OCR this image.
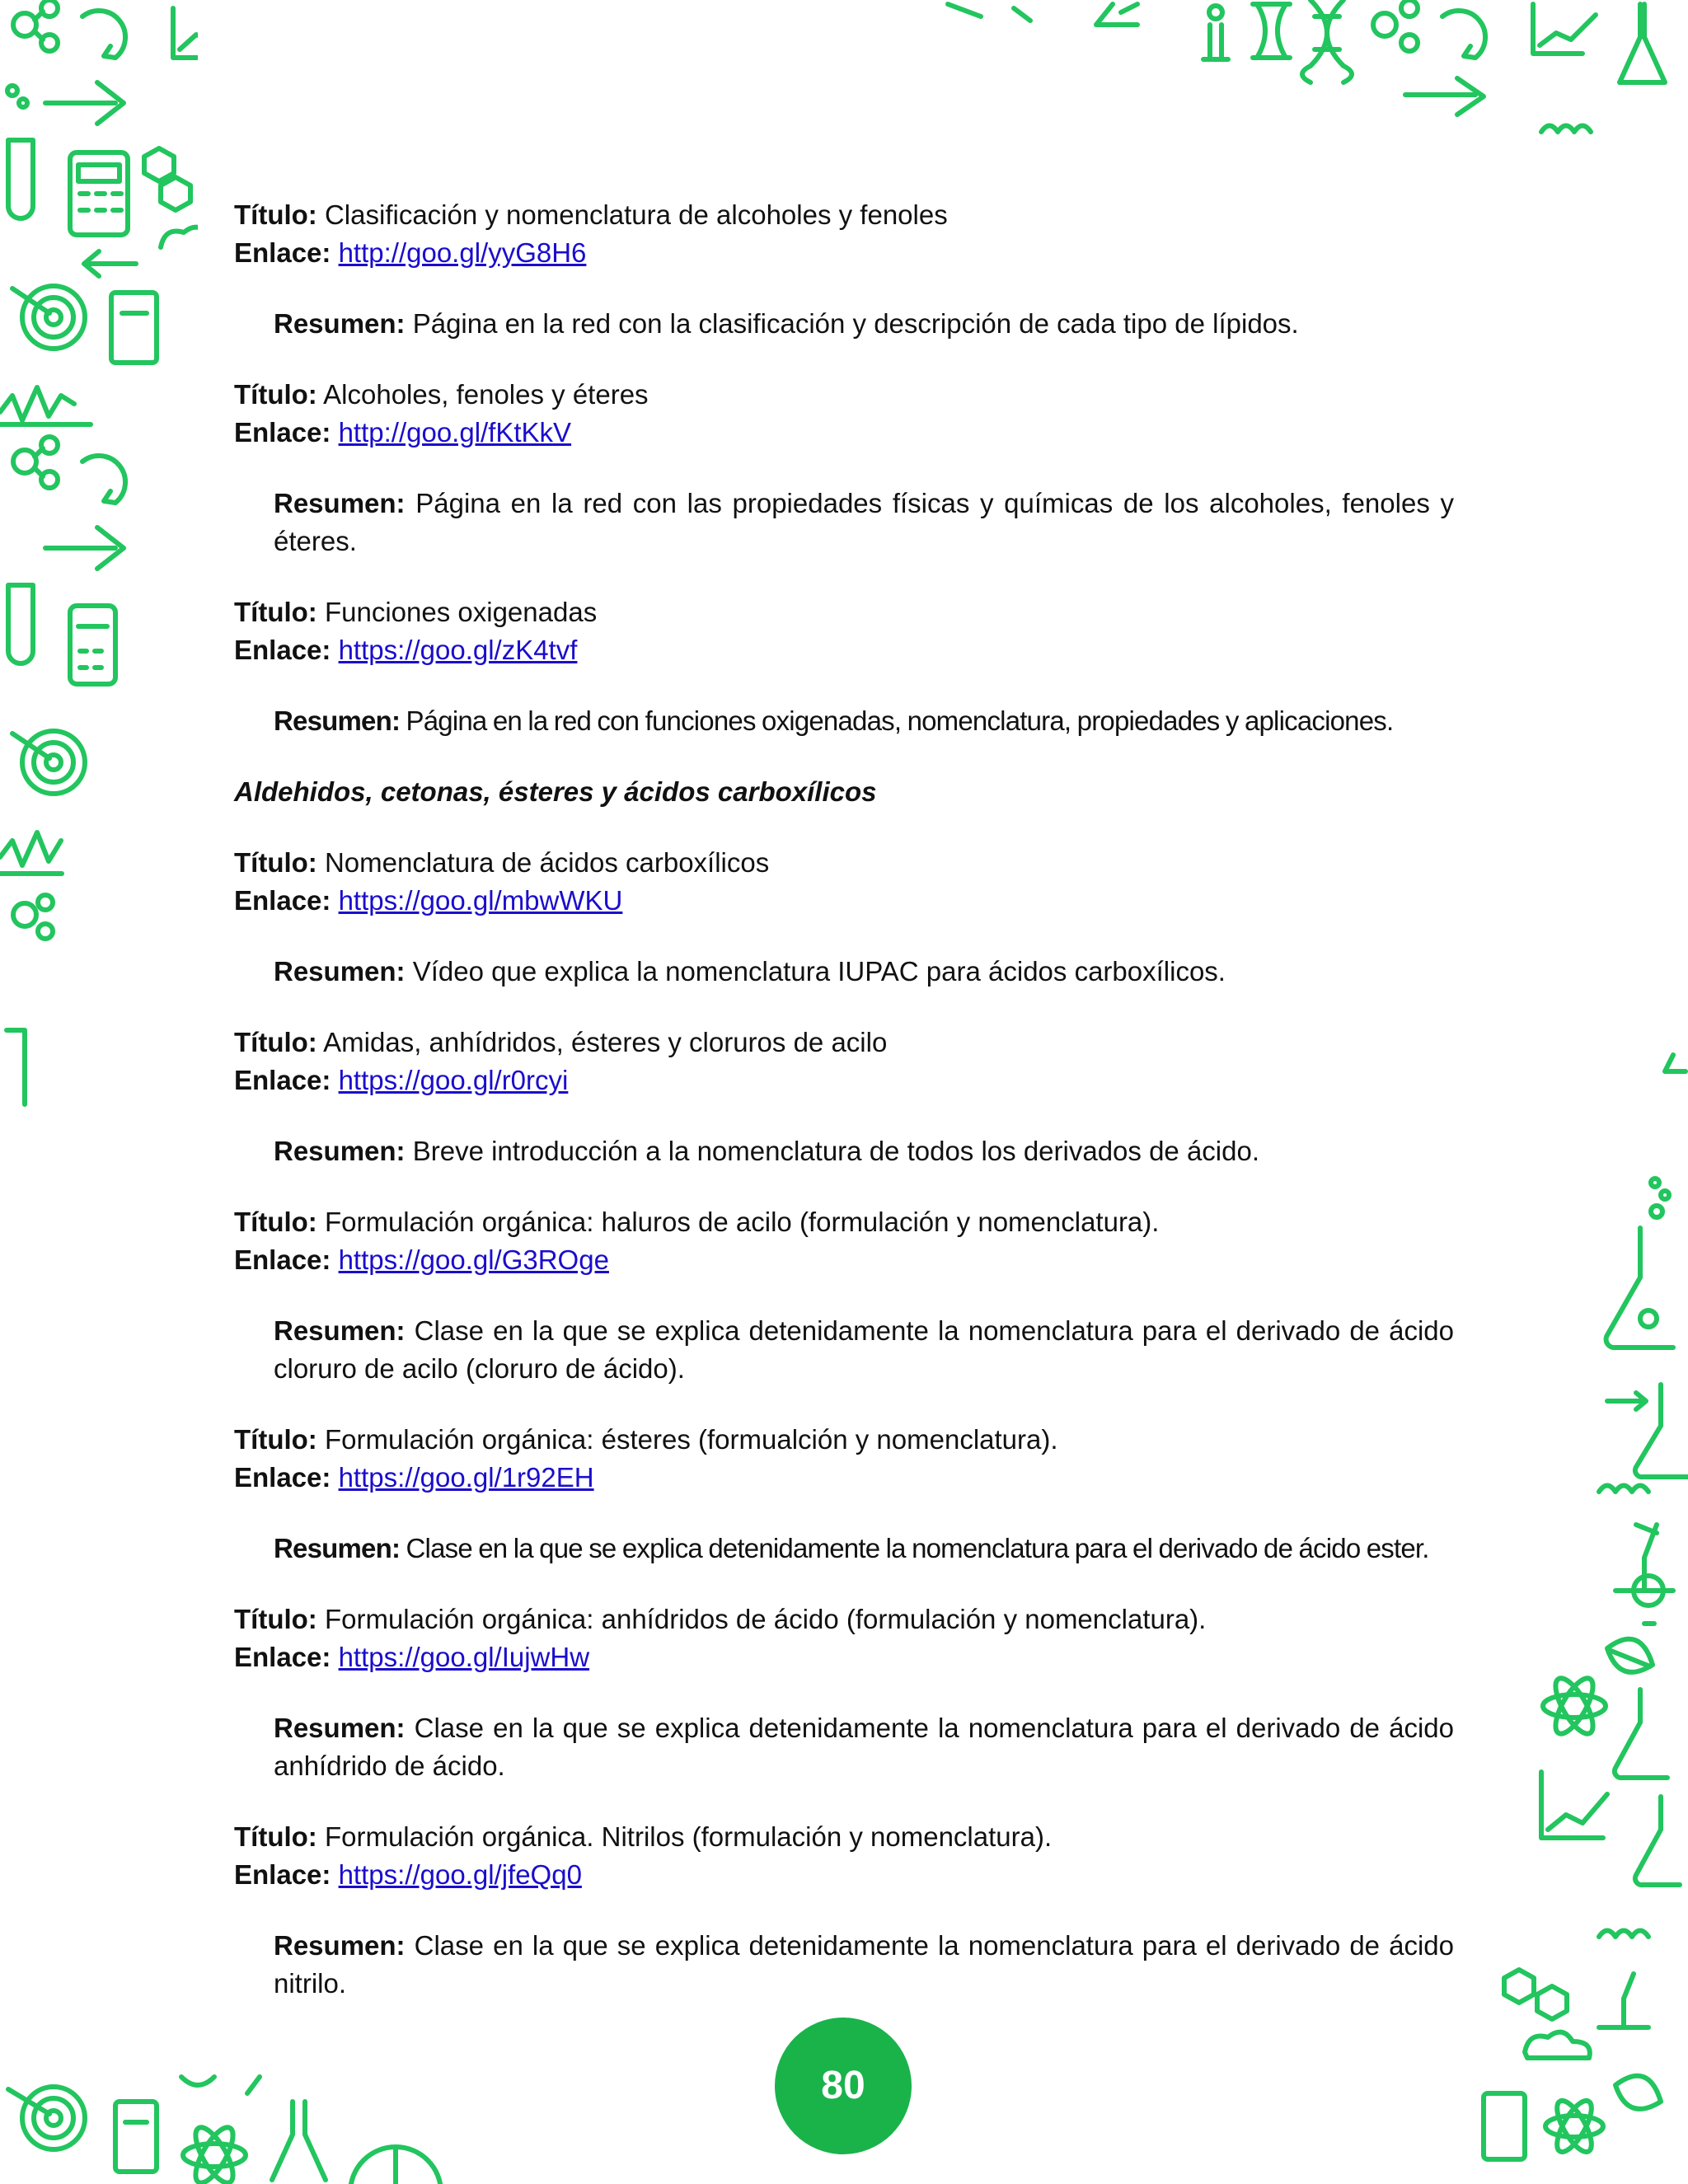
Título: Clasificación y nomenclatura de alcoholes y fenoles
Enlace: http://goo.gl/yyG8H6
Resumen: Página en la red con la clasificación y descripción de cada tipo de lípidos.
Título: Alcoholes, fenoles y éteres
Enlace: http://goo.gl/fKtKkV
Resumen: Página en la red con las propiedades físicas y químicas de los alcoholes, fenoles y éteres.
Título: Funciones oxigenadas
Enlace: https://goo.gl/zK4tvf
Resumen: Página en la red con funciones oxigenadas, nomenclatura, propiedades y aplicaciones.
Aldehidos, cetonas, ésteres y ácidos carboxílicos
Título: Nomenclatura de ácidos carboxílicos
Enlace: https://goo.gl/mbwWKU
Resumen: Vídeo que explica la nomenclatura IUPAC para ácidos carboxílicos.
Título: Amidas, anhídridos, ésteres y cloruros de acilo
Enlace: https://goo.gl/r0rcyi
Resumen: Breve introducción a la nomenclatura de todos los derivados de ácido.
Título: Formulación orgánica: haluros de acilo (formulación y nomenclatura).
Enlace: https://goo.gl/G3ROge
Resumen: Clase en la que se explica detenidamente la nomenclatura para el derivado de ácido cloruro de acilo (cloruro de ácido).
Título: Formulación orgánica: ésteres (formualción y nomenclatura).
Enlace: https://goo.gl/1r92EH
Resumen: Clase en la que se explica detenidamente la nomenclatura para el derivado de ácido ester.
Título: Formulación orgánica: anhídridos de ácido (formulación y nomenclatura).
Enlace: https://goo.gl/IujwHw
Resumen: Clase en la que se explica detenidamente la nomenclatura para el derivado de ácido anhídrido de ácido.
Título: Formulación orgánica. Nitrilos (formulación y nomenclatura).
Enlace: https://goo.gl/jfeQq0
Resumen: Clase en la que se explica detenidamente la nomenclatura para el derivado de ácido nitrilo.
80
